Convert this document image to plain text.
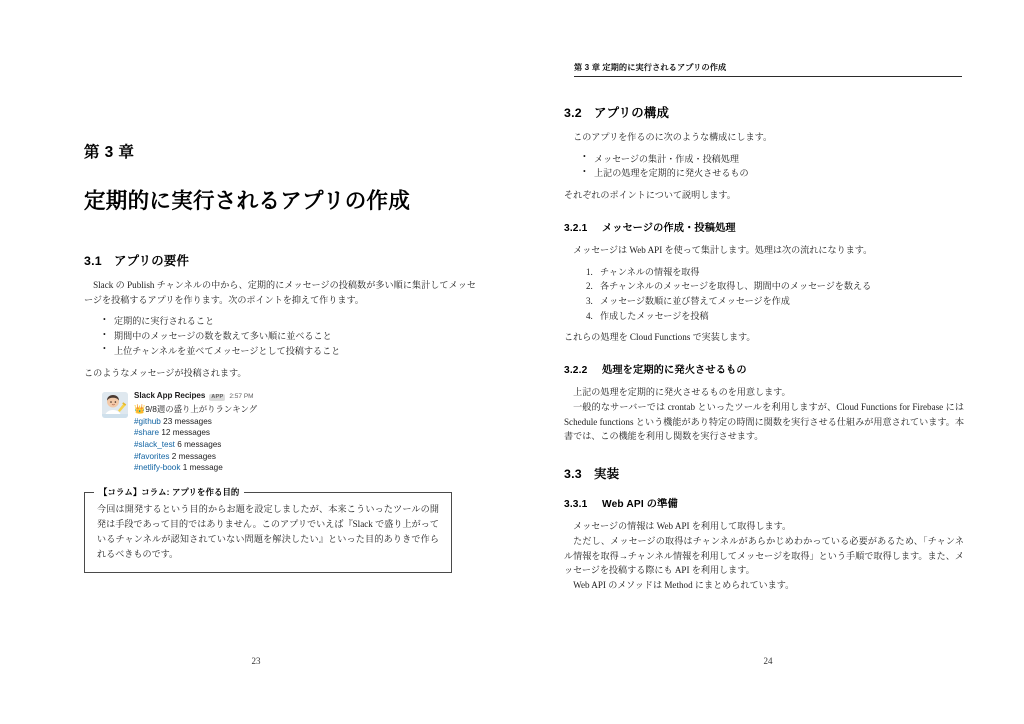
第 3 章
定期的に実行されるアプリの作成
3.1 アプリの要件

Slack の Publish チャンネルの中から、定期的にメッセージの投稿数が多い順に集計してメッセージを投稿するアプリを作ります。次のポイントを抑えて作ります。

• 定期的に実行されること
• 期間中のメッセージの数を数えて多い順に並べること
• 上位チャンネルを並べてメッセージとして投稿すること

このようなメッセージが投稿されます。

Slack App Recipes	APP 2:57 PM
👑9/8週の盛り上がりランキング
#github 23 messages
#share 12 messages
#slack_test 6 messages
#favorites 2 messages
#netlify-book 1 message
【コラム】コラム: アプリを作る目的

今回は開発するという目的からお題を設定しましたが、本来こういったツールの開発は手段であって目的ではありません。このアプリでいえば『Slack で盛り上がっているチャンネルが認知されていない問題を解決したい』といった目的ありきで作られるべきものです。

23
第 3 章 定期的に実行されるアプリの作成
3.2 アプリの構成

このアプリを作るのに次のような構成にします。

• メッセージの集計・作成・投稿処理
• 上記の処理を定期的に発火させるもの

それぞれのポイントについて説明します。

3.2.1 メッセージの作成・投稿処理

メッセージは Web API を使って集計します。処理は次の流れになります。

チャンネルの情報を取得
各チャンネルのメッセージを取得し、期間中のメッセージを数える
メッセージ数順に並び替えてメッセージを作成
作成したメッセージを投稿

これらの処理を Cloud Functions で実装します。

3.2.2 処理を定期的に発火させるもの

上記の処理を定期的に発火させるものを用意します。

一般的なサーバーでは crontab といったツールを利用しますが、Cloud Functions for Firebase には Schedule functions という機能があり特定の時間に関数を実行させる仕組みが用意されています。本書では、この機能を利用し関数を実行させます。

3.3 実装
3.3.1 Web API の準備

メッセージの情報は Web API を利用して取得します。

ただし、メッセージの取得はチャンネルがあらかじめわかっている必要があるため、「チャンネル情報を取得→チャンネル情報を利用してメッセージを取得」という手順で取得します。また、メッセージを投稿する際にも API を利用します。

Web API のメソッドは Method にまとめられています。

24
